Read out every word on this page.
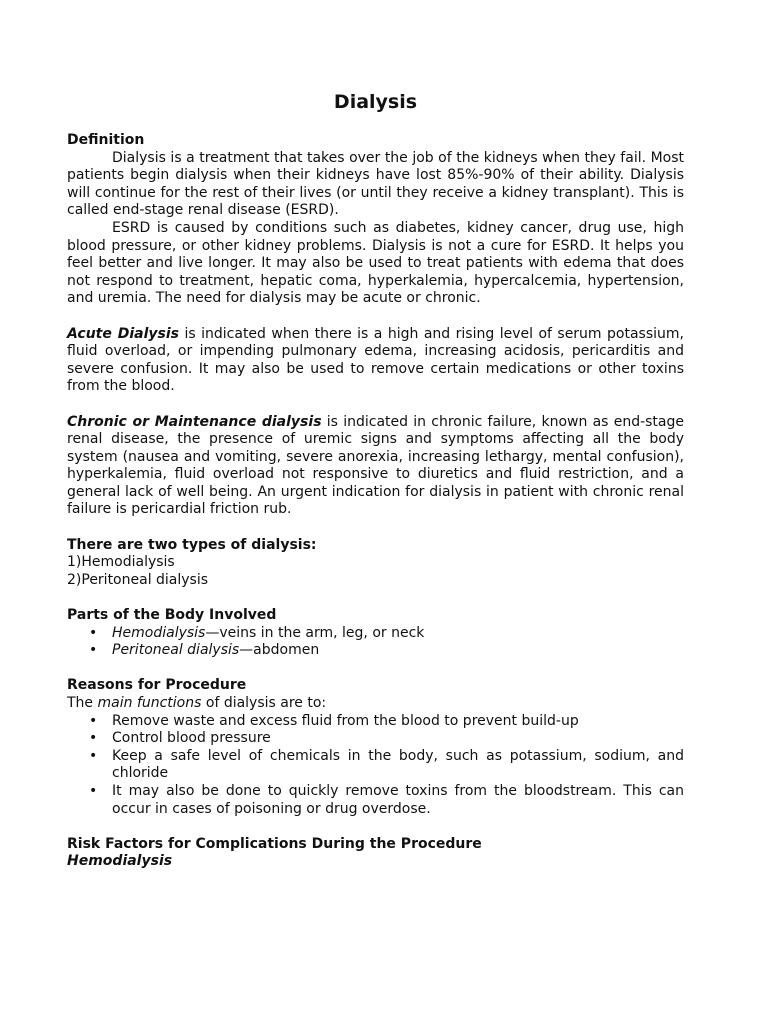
Dialysis

Definition

Dialysis is a treatment that takes over the job of the kidneys when they fail. Most patients begin dialysis when their kidneys have lost 85%-90% of their ability. Dialysis will continue for the rest of their lives (or until they receive a kidney transplant). This is called end-stage renal disease (ESRD).

ESRD is caused by conditions such as diabetes, kidney cancer, drug use, high blood pressure, or other kidney problems. Dialysis is not a cure for ESRD. It helps you feel better and live longer. It may also be used to treat patients with edema that does not respond to treatment, hepatic coma, hyperkalemia, hypercalcemia, hypertension, and uremia. The need for dialysis may be acute or chronic.

Acute Dialysis is indicated when there is a high and rising level of serum potassium, fluid overload, or impending pulmonary edema, increasing acidosis, pericarditis and severe confusion. It may also be used to remove certain medications or other toxins from the blood.

Chronic or Maintenance dialysis is indicated in chronic failure, known as end-stage renal disease, the presence of uremic signs and symptoms affecting all the body system (nausea and vomiting, severe anorexia, increasing lethargy, mental confusion), hyperkalemia, fluid overload not responsive to diuretics and fluid restriction, and a general lack of well being. An urgent indication for dialysis in patient with chronic renal failure is pericardial friction rub.

There are two types of dialysis:

1)Hemodialysis

2)Peritoneal dialysis

Parts of the Body Involved

• Hemodialysis—veins in the arm, leg, or neck
• Peritoneal dialysis—abdomen

Reasons for Procedure

The main functions of dialysis are to:

• Remove waste and excess fluid from the blood to prevent build-up
• Control blood pressure
• Keep a safe level of chemicals in the body, such as potassium, sodium, and chloride
• It may also be done to quickly remove toxins from the bloodstream. This can occur in cases of poisoning or drug overdose.

Risk Factors for Complications During the Procedure

Hemodialysis
